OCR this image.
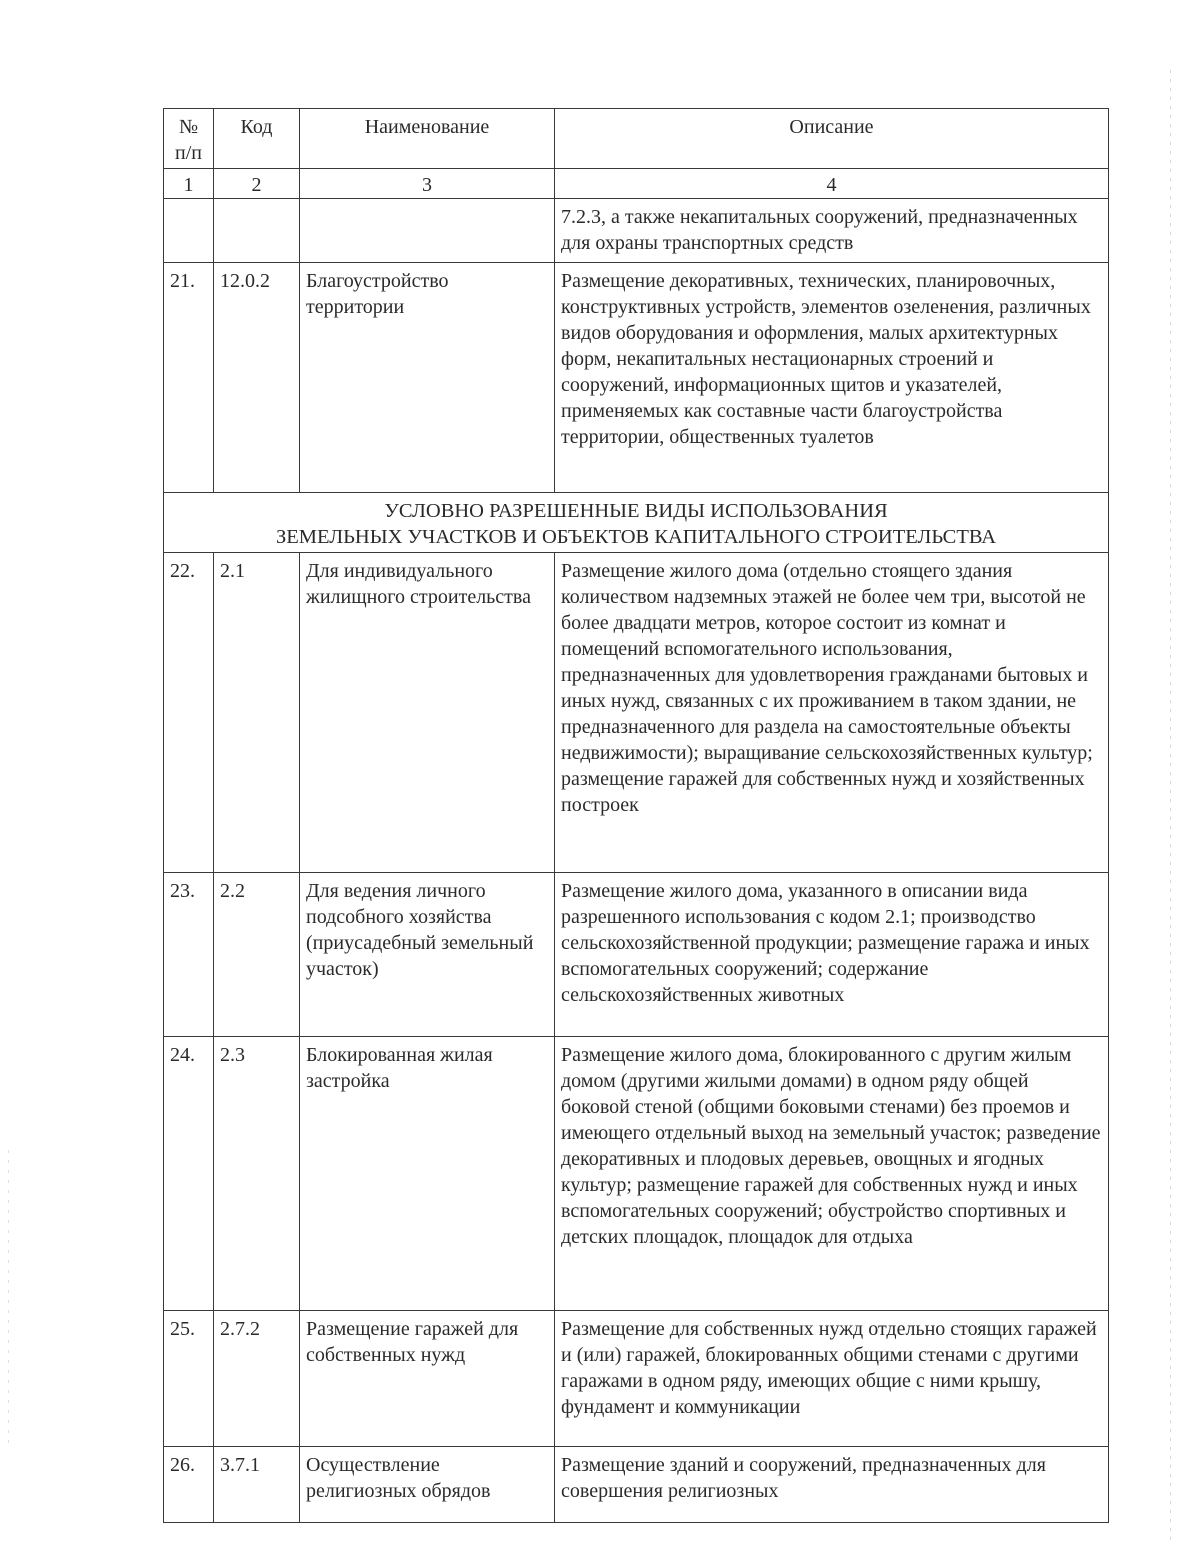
№ п/п	Код	Наименование	Описание
1	2	3	4
			7.2.3, а также некапитальных сооружений, предназначенных для охраны транспортных средств
21.	12.0.2	Благоустройство территории	Размещение декоративных, технических, планировочных, конструктивных устройств, элементов озеленения, различных видов оборудования и оформления, малых архитектурных форм, некапитальных нестационарных строений и сооружений, информационных щитов и указателей, применяемых как составные части благоустройства территории, общественных туалетов

УСЛОВНО РАЗРЕШЕННЫЕ ВИДЫ ИСПОЛЬЗОВАНИЯ
ЗЕМЕЛЬНЫХ УЧАСТКОВ И ОБЪЕКТОВ КАПИТАЛЬНОГО СТРОИТЕЛЬСТВА			

22.	2.1	Для индивидуального жилищного строительства	Размещение жилого дома (отдельно стоящего здания количеством надземных этажей не более чем три, высотой не более двадцати метров, которое состоит из комнат и помещений вспомогательного использования, предназначенных для удовлетворения гражданами бытовых и иных нужд, связанных с их проживанием в таком здании, не предназначенного для раздела на самостоятельные объекты недвижимости); выращивание сельскохозяйственных культур; размещение гаражей для собственных нужд и хозяйственных построек
23.	2.2	Для ведения личного подсобного хозяйства (приусадебный земельный участок)	Размещение жилого дома, указанного в описании вида разрешенного использования с кодом 2.1; производство сельскохозяйственной продукции; размещение гаража и иных вспомогательных сооружений; содержание сельскохозяйственных животных
24.	2.3	Блокированная жилая застройка	Размещение жилого дома, блокированного с другим жилым домом (другими жилыми домами) в одном ряду общей боковой стеной (общими боковыми стенами) без проемов и имеющего отдельный выход на земельный участок; разведение декоративных и плодовых деревьев, овощных и ягодных культур; размещение гаражей для собственных нужд и иных вспомогательных сооружений; обустройство спортивных и детских площадок, площадок для отдыха
25.	2.7.2	Размещение гаражей для собственных нужд	Размещение для собственных нужд отдельно стоящих гаражей и (или) гаражей, блокированных общими стенами с другими гаражами в одном ряду, имеющих общие с ними крышу, фундамент и коммуникации
26.	3.7.1	Осуществление религиозных обрядов	Размещение зданий и сооружений, предназначенных для совершения религиозных
